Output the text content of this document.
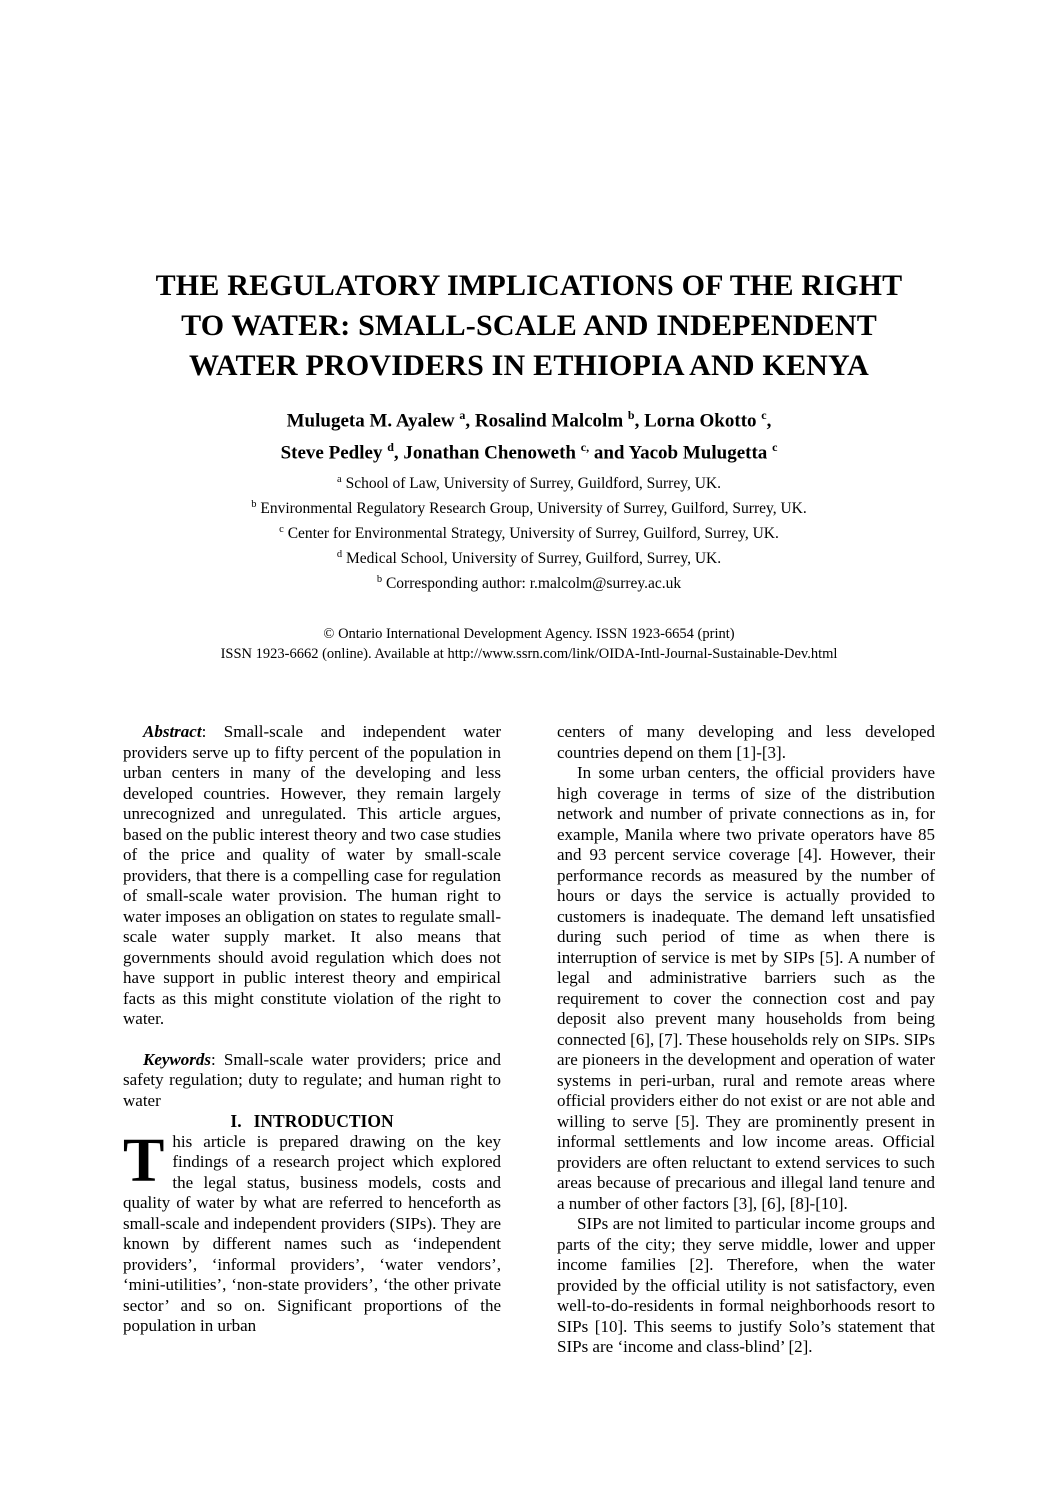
THE REGULATORY IMPLICATIONS OF THE RIGHT
TO WATER: SMALL-SCALE AND INDEPENDENT
WATER PROVIDERS IN ETHIOPIA AND KENYA
Mulugeta M. Ayalew $^a$, Rosalind Malcolm $^b$, Lorna Okotto $^c$,
Steve Pedley $^d$, Jonathan Chenoweth $^{c,}$ and Yacob Mulugetta $^c$
$^a$ School of Law, University of Surrey, Guildford, Surrey, UK.
$^b$ Environmental Regulatory Research Group, University of Surrey, Guilford, Surrey, UK.
$^c$ Center for Environmental Strategy, University of Surrey, Guilford, Surrey, UK.
$^d$ Medical School, University of Surrey, Guilford, Surrey, UK.
$^b$ Corresponding author: r.malcolm@surrey.ac.uk
© Ontario International Development Agency. ISSN 1923-6654 (print)
ISSN 1923-6662 (online). Available at http://www.ssrn.com/link/OIDA-Intl-Journal-Sustainable-Dev.html

Abstract: Small-scale and independent water providers serve up to fifty percent of the population in urban centers in many of the developing and less developed countries. However, they remain largely unrecognized and unregulated. This article argues, based on the public interest theory and two case studies of the price and quality of water by small-scale providers, that there is a compelling case for regulation of small-scale water provision. The human right to water imposes an obligation on states to regulate small-scale water supply market. It also means that governments should avoid regulation which does not have support in public interest theory and empirical facts as this might constitute violation of the right to water.

Keywords: Small-scale water providers; price and safety regulation; duty to regulate; and human right to water

I. INTRODUCTION

This article is prepared drawing on the key findings of a research project which explored the legal status, business models, costs and quality of water by what are referred to henceforth as small-scale and independent providers (SIPs). They are known by different names such as ‘independent providers’, ‘informal providers’, ‘water vendors’, ‘mini-utilities’, ‘non-state providers’, ‘the other private sector’ and so on. Significant proportions of the population in urban

centers of many developing and less developed countries depend on them [1]-[3].

In some urban centers, the official providers have high coverage in terms of size of the distribution network and number of private connections as in, for example, Manila where two private operators have 85 and 93 percent service coverage [4]. However, their performance records as measured by the number of hours or days the service is actually provided to customers is inadequate. The demand left unsatisfied during such period of time as when there is interruption of service is met by SIPs [5]. A number of legal and administrative barriers such as the requirement to cover the connection cost and pay deposit also prevent many households from being connected [6], [7]. These households rely on SIPs. SIPs are pioneers in the development and operation of water systems in peri-urban, rural and remote areas where official providers either do not exist or are not able and willing to serve [5]. They are prominently present in informal settlements and low income areas. Official providers are often reluctant to extend services to such areas because of precarious and illegal land tenure and a number of other factors [3], [6], [8]-[10].

SIPs are not limited to particular income groups and parts of the city; they serve middle, lower and upper income families [2]. Therefore, when the water provided by the official utility is not satisfactory, even well-to-do-residents in formal neighborhoods resort to SIPs [10]. This seems to justify Solo’s statement that SIPs are ‘income and class-blind’ [2].
